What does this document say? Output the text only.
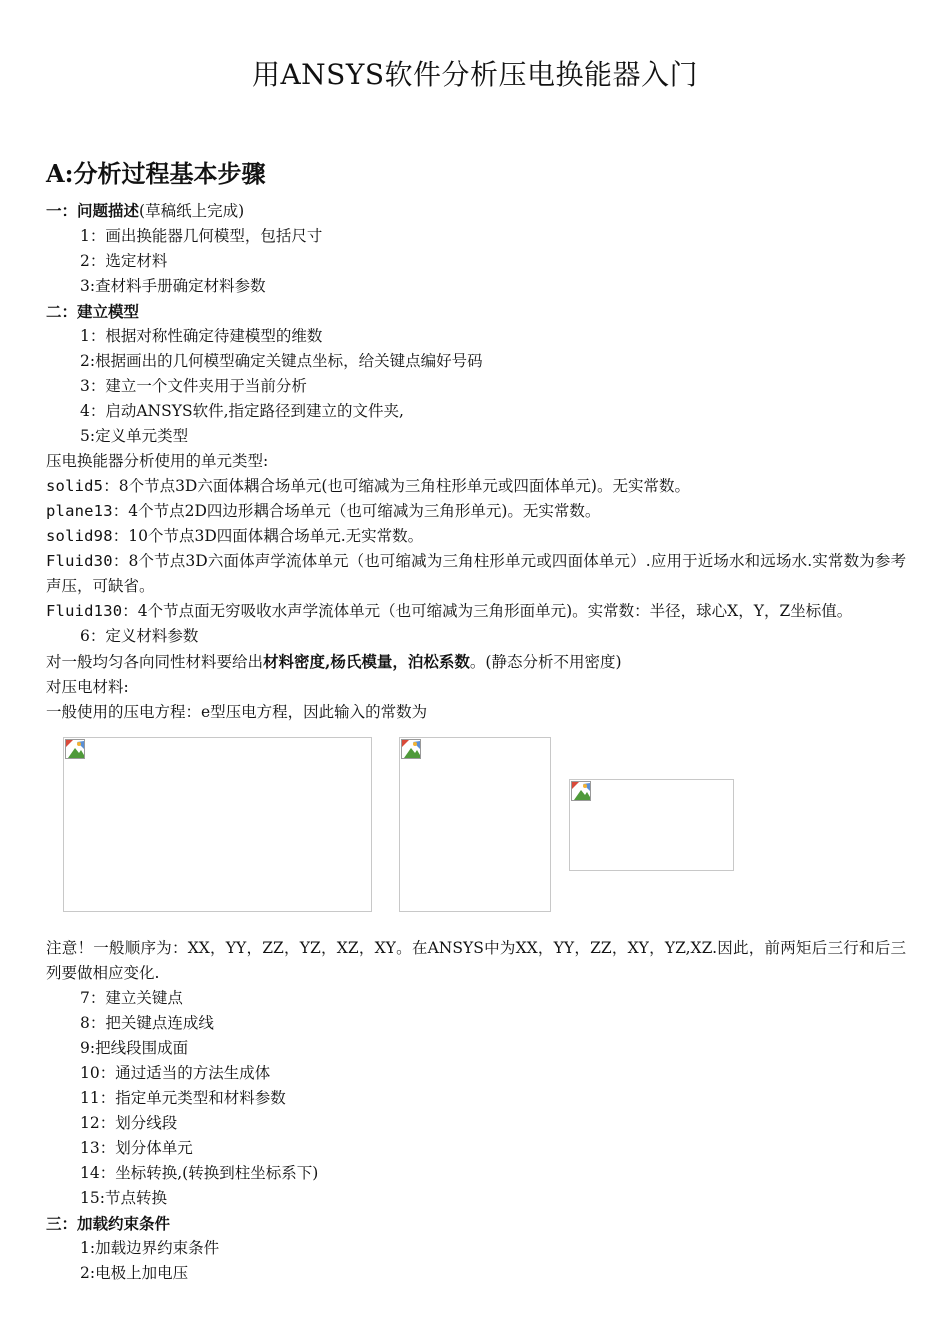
用ANSYS软件分析压电换能器入门
A:分析过程基本步骤

一：问题描述(草稿纸上完成)

1：画出换能器几何模型，包括尺寸

2：选定材料

3:查材料手册确定材料参数

二：建立模型

1：根据对称性确定待建模型的维数

2:根据画出的几何模型确定关键点坐标，给关键点编好号码

3：建立一个文件夹用于当前分析

4：启动ANSYS软件,指定路径到建立的文件夹,

5:定义单元类型

压电换能器分析使用的单元类型:

solid5：8个节点3D六面体耦合场单元(也可缩减为三角柱形单元或四面体单元)。无实常数。

plane13：4个节点2D四边形耦合场单元（也可缩减为三角形单元)。无实常数。

solid98：10个节点3D四面体耦合场单元.无实常数。

Fluid30：8个节点3D六面体声学流体单元（也可缩减为三角柱形单元或四面体单元）.应用于近场水和远场水.实常数为参考声压，可缺省。

Fluid130：4个节点面无穷吸收水声学流体单元（也可缩减为三角形面单元)。实常数：半径，球心X，Y，Z坐标值。

6：定义材料参数

对一般均匀各向同性材料要给出材料密度,杨氏模量，泊松系数。(静态分析不用密度)

对压电材料:

一般使用的压电方程：e型压电方程，因此输入的常数为

注意！一般顺序为：XX，YY，ZZ，YZ，XZ，XY。在ANSYS中为XX，YY，ZZ，XY，YZ,XZ.因此，前两矩后三行和后三列要做相应变化.

7：建立关键点

8：把关键点连成线

9:把线段围成面

10：通过适当的方法生成体

11：指定单元类型和材料参数

12：划分线段

13：划分体单元

14：坐标转换,(转换到柱坐标系下)

15:节点转换

三：加载约束条件

1:加载边界约束条件

2:电极上加电压
